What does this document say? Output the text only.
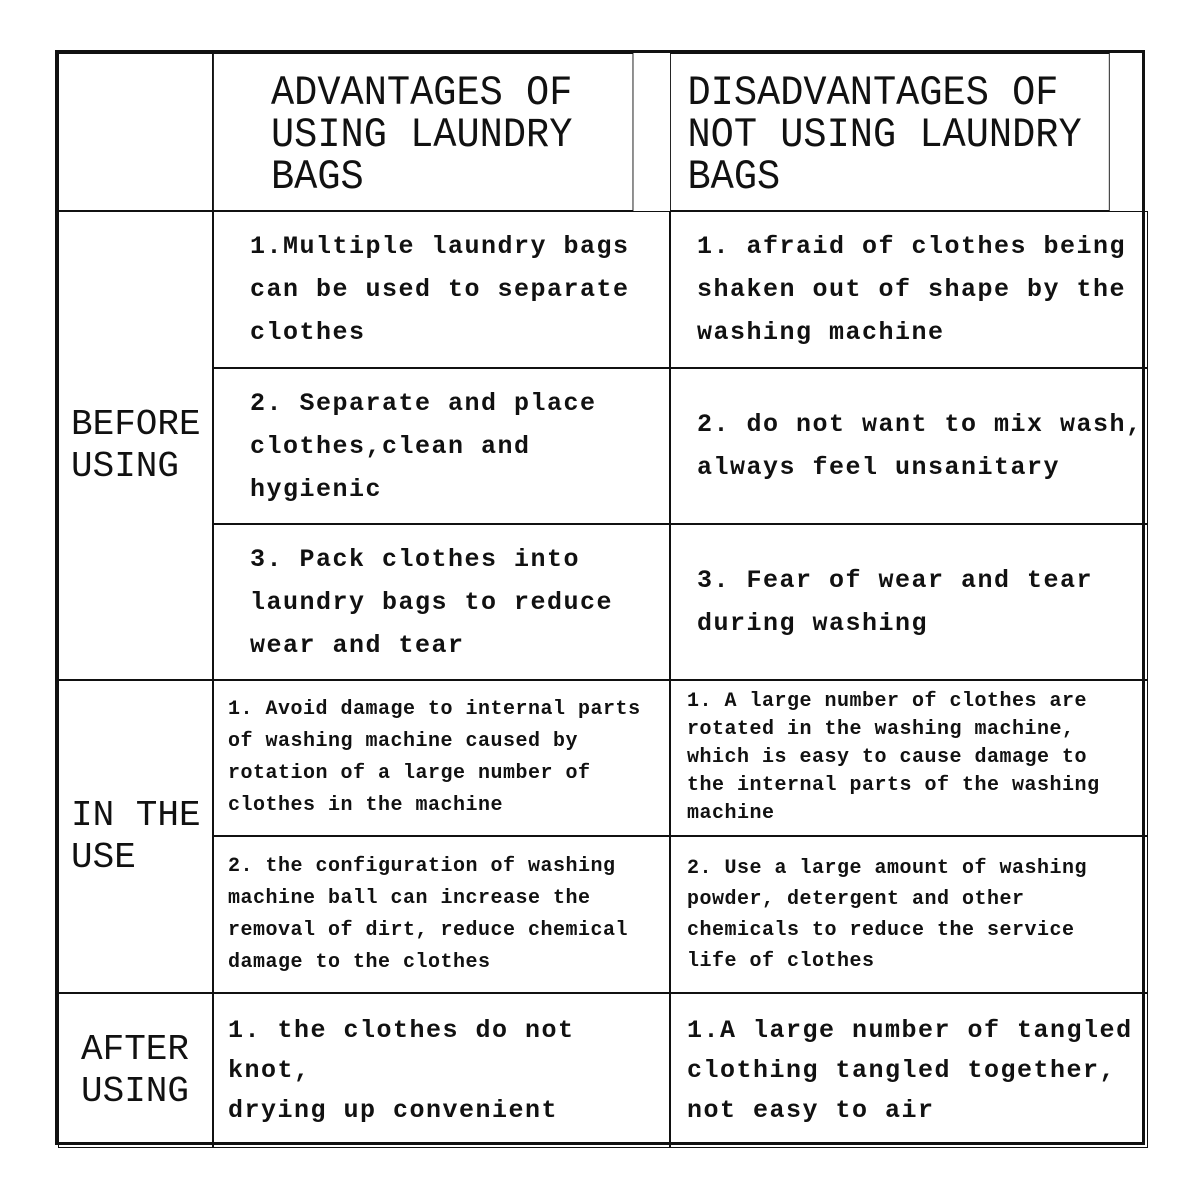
ADVANTAGES OF
USING LAUNDRY
BAGS
DISADVANTAGES OF
NOT USING LAUNDRY
BAGS
BEFORE
USING
IN THE
USE
AFTER
USING
1.Multiple laundry bags
can be used to separate
clothes
1. afraid of clothes being
shaken out of shape by the
washing machine
2. Separate and place
clothes,clean and
hygienic
2. do not want to mix wash,
always feel unsanitary
3. Pack clothes into
laundry bags to reduce
wear and tear
3. Fear of wear and tear
during washing
1. Avoid damage to internal parts
of washing machine caused by
rotation of a large number of
clothes in the machine
1. A large number of clothes are
rotated in the washing machine,
which is easy to cause damage to
the internal parts of the washing
machine
2. the configuration of washing
machine ball can increase the
removal of dirt, reduce chemical
damage to the clothes
2. Use a large amount of washing
powder, detergent and other
chemicals to reduce the service
life of clothes
1. the clothes do not knot,
drying up convenient
1.A large number of tangled
clothing tangled together,
not easy to air
